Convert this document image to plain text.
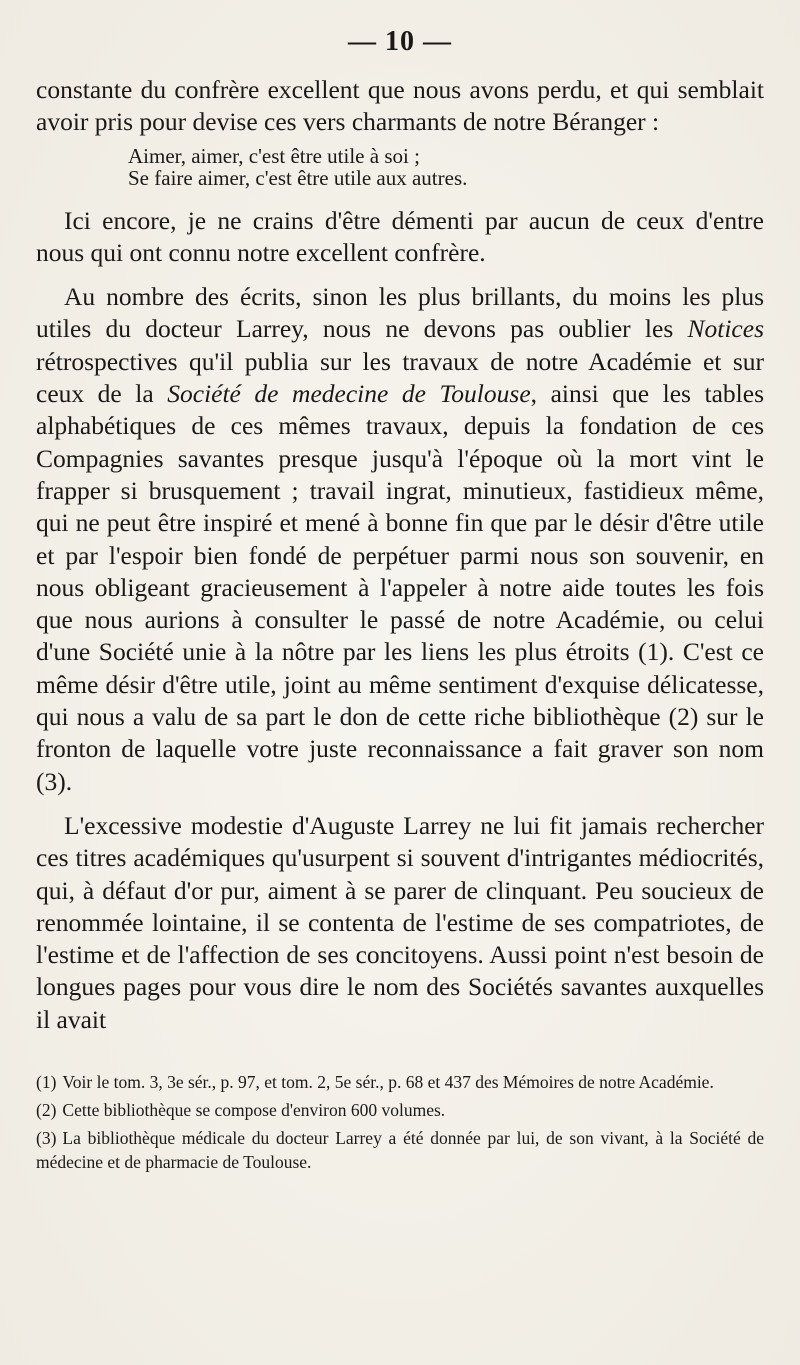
— 10 —

constante du confrère excellent que nous avons perdu, et qui semblait avoir pris pour devise ces vers charmants de notre Béranger :

Aimer, aimer, c'est être utile à soi ;
Se faire aimer, c'est être utile aux autres.

Ici encore, je ne crains d'être démenti par aucun de ceux d'entre nous qui ont connu notre excellent confrère.

Au nombre des écrits, sinon les plus brillants, du moins les plus utiles du docteur Larrey, nous ne devons pas oublier les Notices rétrospectives qu'il publia sur les travaux de notre Académie et sur ceux de la Société de medecine de Toulouse, ainsi que les tables alphabétiques de ces mêmes travaux, depuis la fondation de ces Compagnies savantes presque jusqu'à l'époque où la mort vint le frapper si brusquement ; travail ingrat, minutieux, fastidieux même, qui ne peut être inspiré et mené à bonne fin que par le désir d'être utile et par l'espoir bien fondé de perpétuer parmi nous son souvenir, en nous obligeant gracieusement à l'appeler à notre aide toutes les fois que nous aurions à consulter le passé de notre Académie, ou celui d'une Société unie à la nôtre par les liens les plus étroits (1). C'est ce même désir d'être utile, joint au même sentiment d'exquise délicatesse, qui nous a valu de sa part le don de cette riche bibliothèque (2) sur le fronton de laquelle votre juste reconnaissance a fait graver son nom (3).

L'excessive modestie d'Auguste Larrey ne lui fit jamais rechercher ces titres académiques qu'usurpent si souvent d'intrigantes médiocrités, qui, à défaut d'or pur, aiment à se parer de clinquant. Peu soucieux de renommée lointaine, il se contenta de l'estime de ses compatriotes, de l'estime et de l'affection de ses concitoyens. Aussi point n'est besoin de longues pages pour vous dire le nom des Sociétés savantes auxquelles il avait

(1) Voir le tom. 3, 3e sér., p. 97, et tom. 2, 5e sér., p. 68 et 437 des Mémoires de notre Académie.
(2) Cette bibliothèque se compose d'environ 600 volumes.
(3) La bibliothèque médicale du docteur Larrey a été donnée par lui, de son vivant, à la Société de médecine et de pharmacie de Toulouse.
